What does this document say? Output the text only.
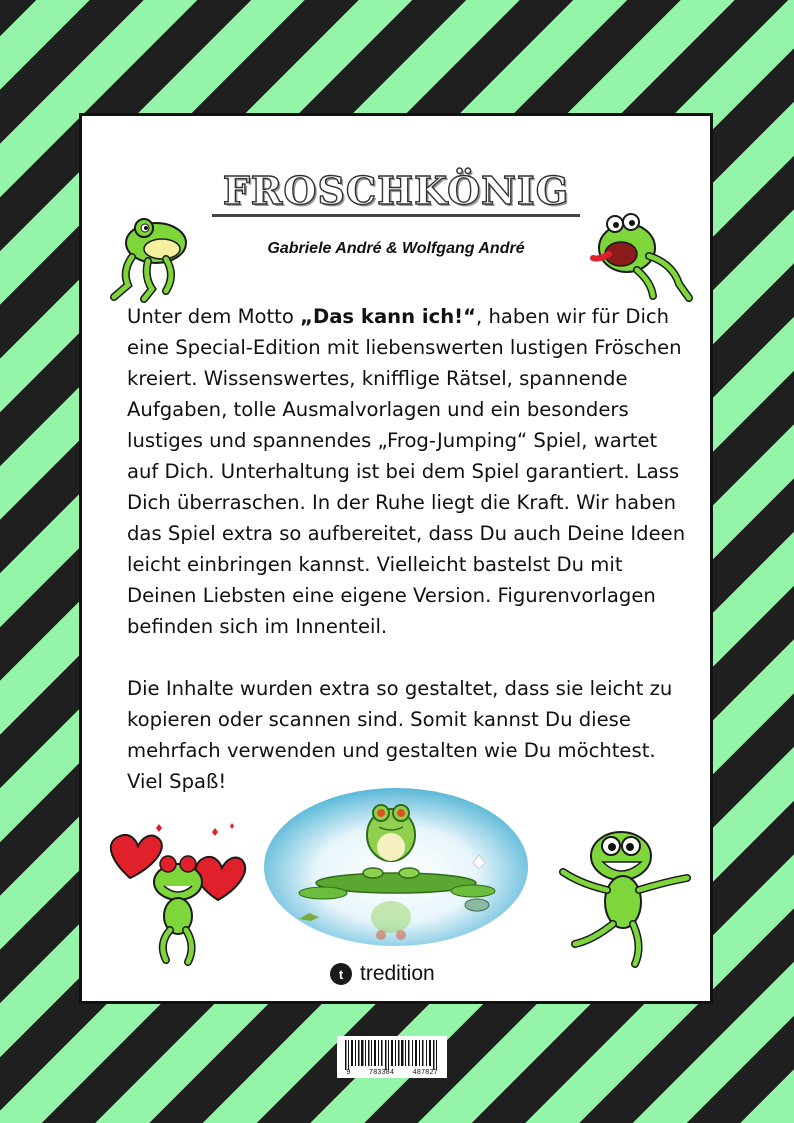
FROSCHKÖNIG
Gabriele André & Wolfgang André

Unter dem Motto „Das kann ich!“, haben wir für Dich eine Special-Edition mit liebenswerten lustigen Fröschen kreiert. Wissenswertes, knifflige Rätsel, spannende Aufgaben, tolle Ausmalvorlagen und ein besonders lustiges und spannendes „Frog-Jumping“ Spiel, wartet auf Dich. Unterhaltung ist bei dem Spiel garantiert. Lass Dich überraschen. In der Ruhe liegt die Kraft. Wir haben das Spiel extra so aufbereitet, dass Du auch Deine Ideen leicht einbringen kannst. Vielleicht bastelst Du mit Deinen Liebsten eine eigene Version. Figurenvorlagen befinden sich im Innenteil.

Die Inhalte wurden extra so gestaltet, dass sie leicht zu kopieren oder scannen sind. Somit kannst Du diese mehrfach verwenden und gestalten wie Du möchtest. Viel Spaß!

t tredition
9	783384	487827
